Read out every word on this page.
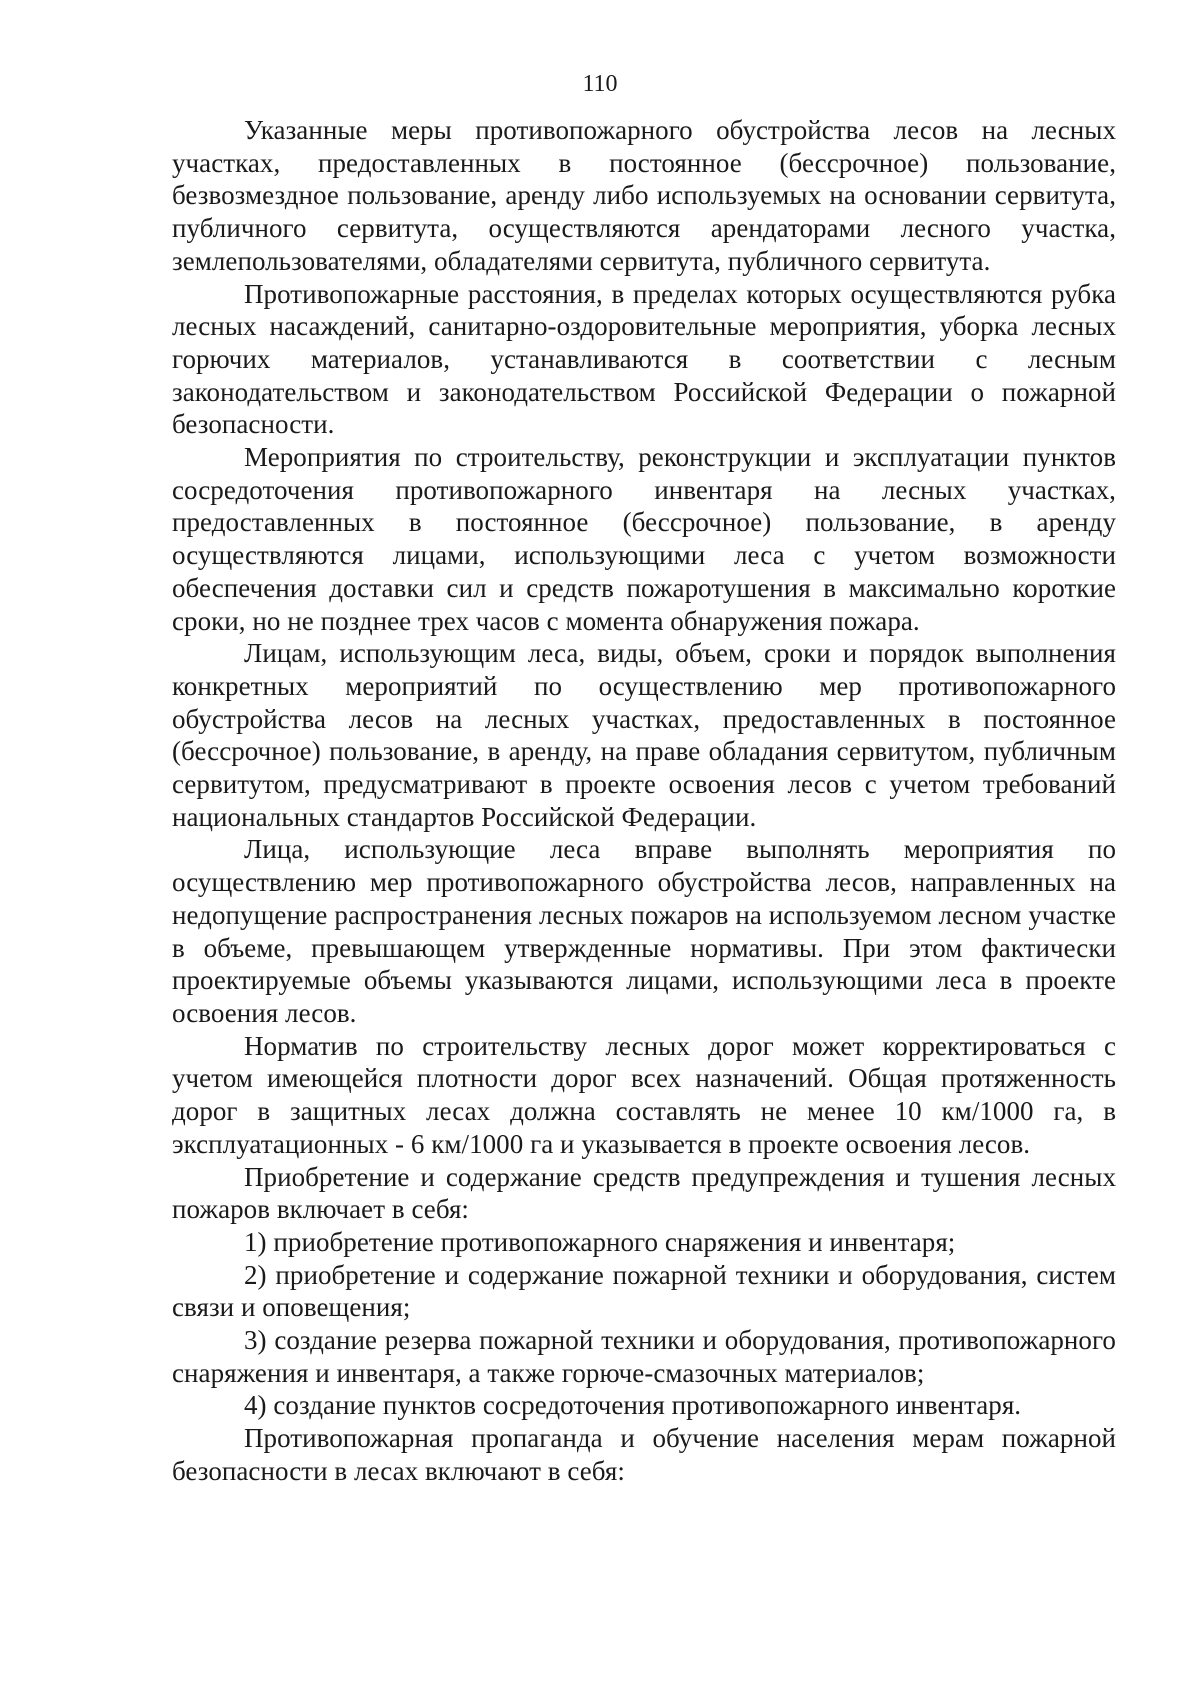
110

Указанные меры противопожарного обустройства лесов на лесных участках, предоставленных в постоянное (бессрочное) пользование, безвозмездное пользование, аренду либо используемых на основании сервитута, публичного сервитута, осуществляются арендаторами лесного участка, землепользователями, обладателями сервитута, публичного сервитута.

Противопожарные расстояния, в пределах которых осуществляются рубка лесных насаждений, санитарно-оздоровительные мероприятия, уборка лесных горючих материалов, устанавливаются в соответствии с лесным законодательством и законодательством Российской Федерации о пожарной безопасности.

Мероприятия по строительству, реконструкции и эксплуатации пунктов сосредоточения противопожарного инвентаря на лесных участках, предоставленных в постоянное (бессрочное) пользование, в аренду осуществляются лицами, использующими леса с учетом возможности обеспечения доставки сил и средств пожаротушения в максимально короткие сроки, но не позднее трех часов с момента обнаружения пожара.

Лицам, использующим леса, виды, объем, сроки и порядок выполнения конкретных мероприятий по осуществлению мер противопожарного обустройства лесов на лесных участках, предоставленных в постоянное (бессрочное) пользование, в аренду, на праве обладания сервитутом, публичным сервитутом, предусматривают в проекте освоения лесов с учетом требований национальных стандартов Российской Федерации.

Лица, использующие леса вправе выполнять мероприятия по осуществлению мер противопожарного обустройства лесов, направленных на недопущение распространения лесных пожаров на используемом лесном участке в объеме, превышающем утвержденные нормативы. При этом фактически проектируемые объемы указываются лицами, использующими леса в проекте освоения лесов.

Норматив по строительству лесных дорог может корректироваться с учетом имеющейся плотности дорог всех назначений. Общая протяженность дорог в защитных лесах должна составлять не менее 10 км/1000 га, в эксплуатационных - 6 км/1000 га и указывается в проекте освоения лесов.

Приобретение и содержание средств предупреждения и тушения лесных пожаров включает в себя:

1) приобретение противопожарного снаряжения и инвентаря;

2) приобретение и содержание пожарной техники и оборудования, систем связи и оповещения;

3) создание резерва пожарной техники и оборудования, противопожарного снаряжения и инвентаря, а также горюче-смазочных материалов;

4) создание пунктов сосредоточения противопожарного инвентаря.

Противопожарная пропаганда и обучение населения мерам пожарной безопасности в лесах включают в себя:
